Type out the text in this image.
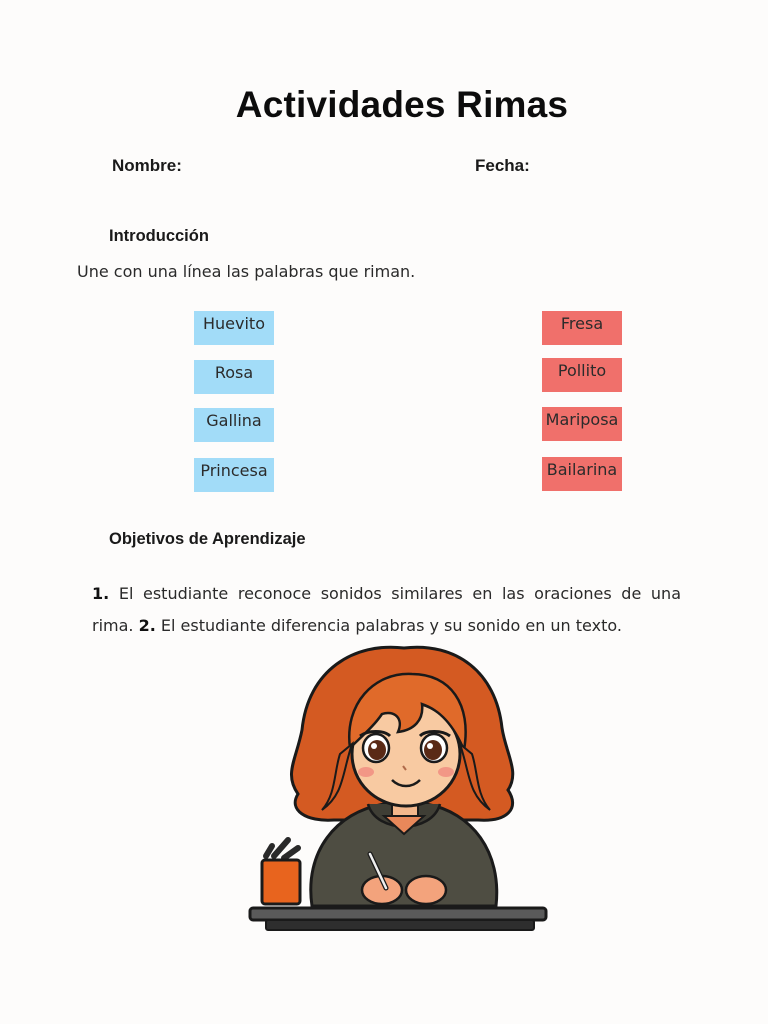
Actividades Rimas
Nombre:	Fecha:
Introducción
Une con una línea las palabras que riman.
Huevito
Rosa
Gallina
Princesa
Fresa
Pollito
Mariposa
Bailarina
Objetivos de Aprendizaje

1. El estudiante reconoce sonidos similares en las oraciones de una rima. 2. El estudiante diferencia palabras y su sonido en un texto.
